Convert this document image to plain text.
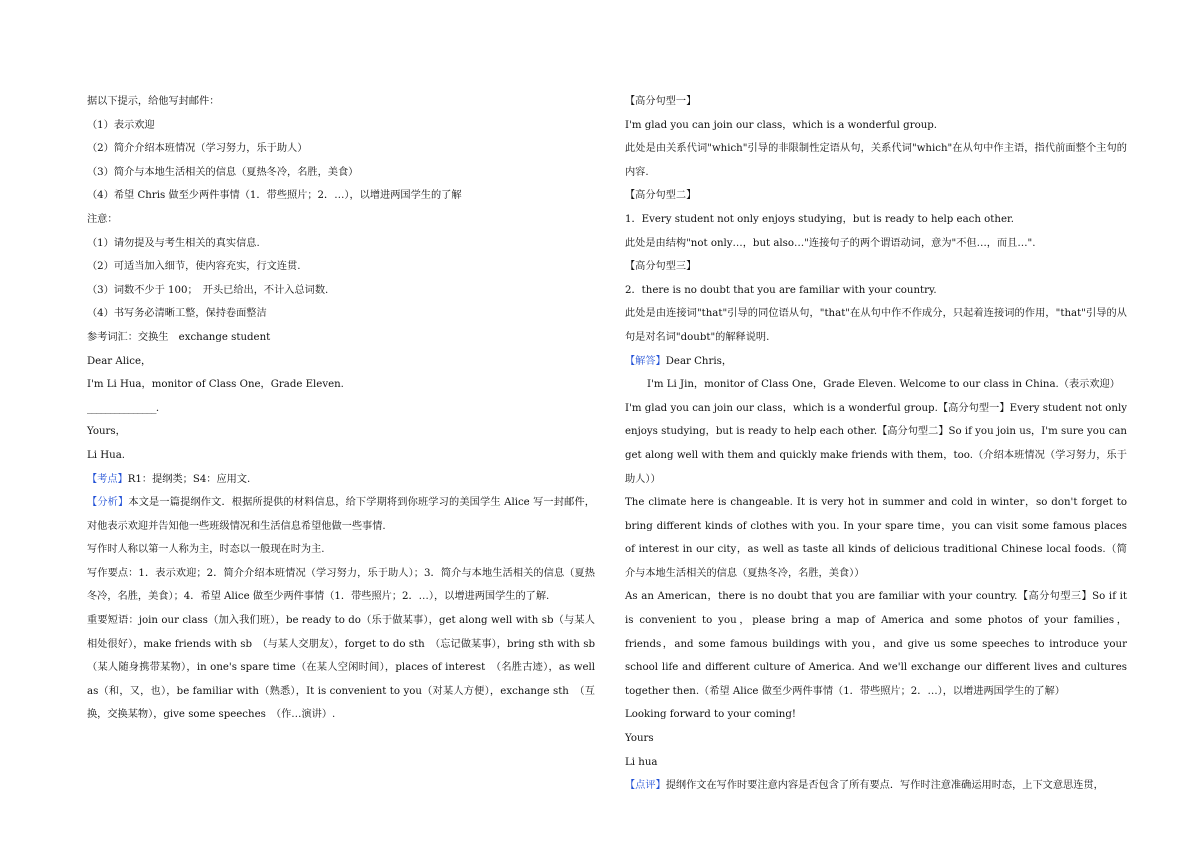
据以下提示，给他写封邮件：

（1）表示欢迎

（2）简介介绍本班情况（学习努力，乐于助人）

（3）简介与本地生活相关的信息（夏热冬冷，名胜，美食）

（4）希望 Chris 做至少两件事情（1．带些照片；2．…），以增进两国学生的了解

注意：

（1）请勿提及与考生相关的真实信息.

（2）可适当加入细节，使内容充实，行文连贯.

（3）词数不少于 100；　开头已给出，不计入总词数.

（4）书写务必清晰工整，保持卷面整洁

参考词汇：交换生　exchange student

Dear Alice，

I'm Li Hua，monitor of Class One，Grade Eleven.

_______________.

Yours，

Li Hua.

【考点】R1：提纲类；S4：应用文.

【分析】本文是一篇提纲作文．根据所提供的材料信息，给下学期将到你班学习的美国学生 Alice 写一封邮件，对他表示欢迎并告知他一些班级情况和生活信息希望他做一些事情.

写作时人称以第一人称为主，时态以一般现在时为主.

写作要点：1．表示欢迎；2．简介介绍本班情况（学习努力，乐于助人）；3．简介与本地生活相关的信息（夏热冬冷，名胜，美食）；4．希望 Alice 做至少两件事情（1．带些照片；2．…），以增进两国学生的了解.

重要短语：join our class（加入我们班），be ready to do（乐于做某事），get along well with sb（与某人相处很好），make friends with sb　（与某人交朋友），forget to do sth　（忘记做某事），bring sth with sb　（某人随身携带某物），in one's spare time（在某人空闲时间），places of interest　（名胜古迹），as well as（和，又，也），be familiar with（熟悉），It is convenient to you（对某人方便），exchange sth　（互换，交换某物），give some speeches　（作…演讲）.

【高分句型一】

I'm glad you can join our class，which is a wonderful group.

此处是由关系代词"which"引导的非限制性定语从句，关系代词"which"在从句中作主语，指代前面整个主句的内容.

【高分句型二】

1．Every student not only enjoys studying，but is ready to help each other.

此处是由结构"not only…，but also…"连接句子的两个谓语动词，意为"不但…，而且…".

【高分句型三】

2．there is no doubt that you are familiar with your country.

此处是由连接词"that"引导的同位语从句，"that"在从句中作不作成分，只起着连接词的作用，"that"引导的从句是对名词"doubt"的解释说明.

【解答】Dear Chris，

I'm Li Jin，monitor of Class One，Grade Eleven. Welcome to our class in China.（表示欢迎）

I'm glad you can join our class，which is a wonderful group.【高分句型一】Every student not only enjoys studying，but is ready to help each other.【高分句型二】So if you join us，I'm sure you can get along well with them and quickly make friends with them，too.（介绍本班情况（学习努力，乐于助人））

The climate here is changeable. It is very hot in summer and cold in winter，so don't forget to bring different kinds of clothes with you. In your spare time，you can visit some famous places of interest in our city，as well as taste all kinds of delicious traditional Chinese local foods.（简介与本地生活相关的信息（夏热冬冷，名胜，美食））

As an American，there is no doubt that you are familiar with your country.【高分句型三】So if it is convenient to you，please bring a map of America and some photos of your families，friends，and some famous buildings with you，and give us some speeches to introduce your school life and different culture of America. And we'll exchange our different lives and cultures together then.（希望 Alice 做至少两件事情（1．带些照片；2．…），以增进两国学生的了解）

Looking forward to your coming!

Yours

Li hua

【点评】提纲作文在写作时要注意内容是否包含了所有要点．写作时注意准确运用时态，上下文意思连贯，
